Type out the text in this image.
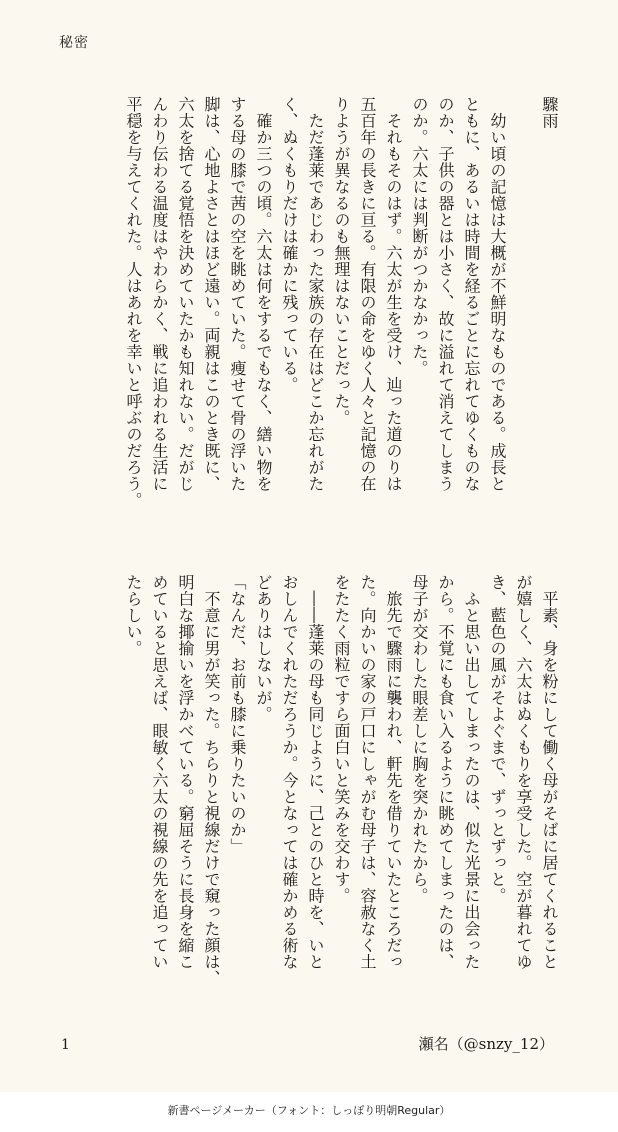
秘密
驟雨
　幼い頃の記憶は大概が不鮮明なものである。成長と
ともに、あるいは時間を経るごとに忘れてゆくものな
のか、子供の器とは小さく、故に溢れて消えてしまう
のか。六太には判断がつかなかった。
　それもそのはず。六太が生を受け、辿った道のりは
五百年の長きに亘る。有限の命をゆく人々と記憶の在
りようが異なるのも無理はないことだった。
　ただ蓬莱であじわった家族の存在はどこか忘れがた
く、ぬくもりだけは確かに残っている。
　確か三つの頃。六太は何をするでもなく、繕い物を
する母の膝で茜の空を眺めていた。痩せて骨の浮いた
脚は、心地よさとはほど遠い。両親はこのとき既に、
六太を捨てる覚悟を決めていたかも知れない。だがじ
んわり伝わる温度はやわらかく、戦に追われる生活に
平穏を与えてくれた。人はあれを幸いと呼ぶのだろう。
　平素、身を粉にして働く母がそばに居てくれること
が嬉しく、六太はぬくもりを享受した。空が暮れてゆ
き、藍色の風がそよぐまで、ずっとずっと。
　ふと思い出してしまったのは、似た光景に出会った
から。不覚にも食い入るように眺めてしまったのは、
母子が交わした眼差しに胸を突かれたから。
　旅先で驟雨に襲われ、軒先を借りていたところだっ
た。向かいの家の戸口にしゃがむ母子は、容赦なく土
をたたく雨粒ですら面白いと笑みを交わす。
　――蓬莱の母も同じように、己とのひと時を、いと
おしんでくれただろうか。今となっては確かめる術な
どありはしないが。
「なんだ、お前も膝に乗りたいのか」
　不意に男が笑った。ちらりと視線だけで窺った顔は、
明白な揶揄いを浮かべている。窮屈そうに長身を縮こ
めていると思えば、眼敏く六太の視線の先を追ってい
たらしい。
1	瀬名（@snzy_12）
新書ページメーカー（フォント：しっぽり明朝Regular）
